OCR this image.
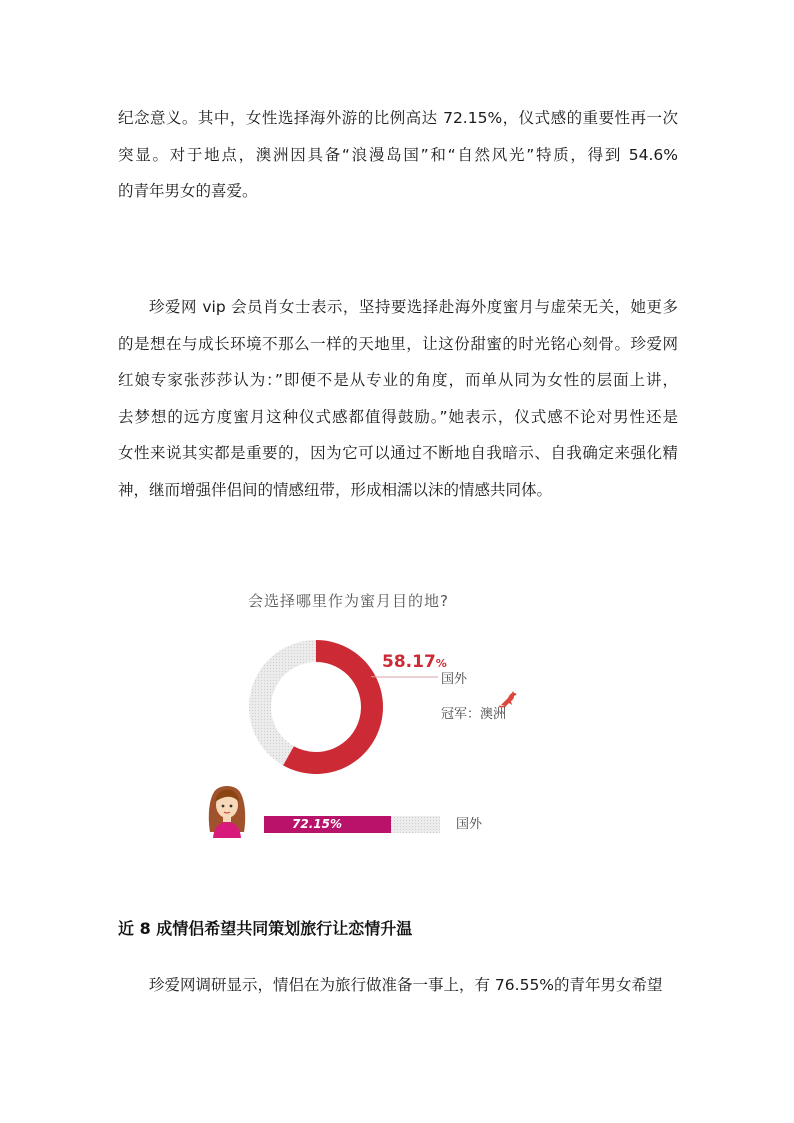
纪念意义。其中，女性选择海外游的比例高达 72.15%，仪式感的重要性再一次
突显。对于地点，澳洲因具备“浪漫岛国”和“自然风光”特质，得到 54.6%
的青年男女的喜爱。
珍爱网 vip 会员肖女士表示，坚持要选择赴海外度蜜月与虚荣无关，她更多
的是想在与成长环境不那么一样的天地里，让这份甜蜜的时光铭心刻骨。珍爱网
红娘专家张莎莎认为：”即便不是从专业的角度，而单从同为女性的层面上讲，
去梦想的远方度蜜月这种仪式感都值得鼓励。”她表示，仪式感不论对男性还是
女性来说其实都是重要的，因为它可以通过不断地自我暗示、自我确定来强化精
神，继而增强伴侣间的情感纽带，形成相濡以沫的情感共同体。
会选择哪里作为蜜月目的地?
58.17%
国外
冠军：澳洲
72.15%	国外
近 8 成情侣希望共同策划旅行让恋情升温
珍爱网调研显示，情侣在为旅行做准备一事上，有 76.55%的青年男女希望
